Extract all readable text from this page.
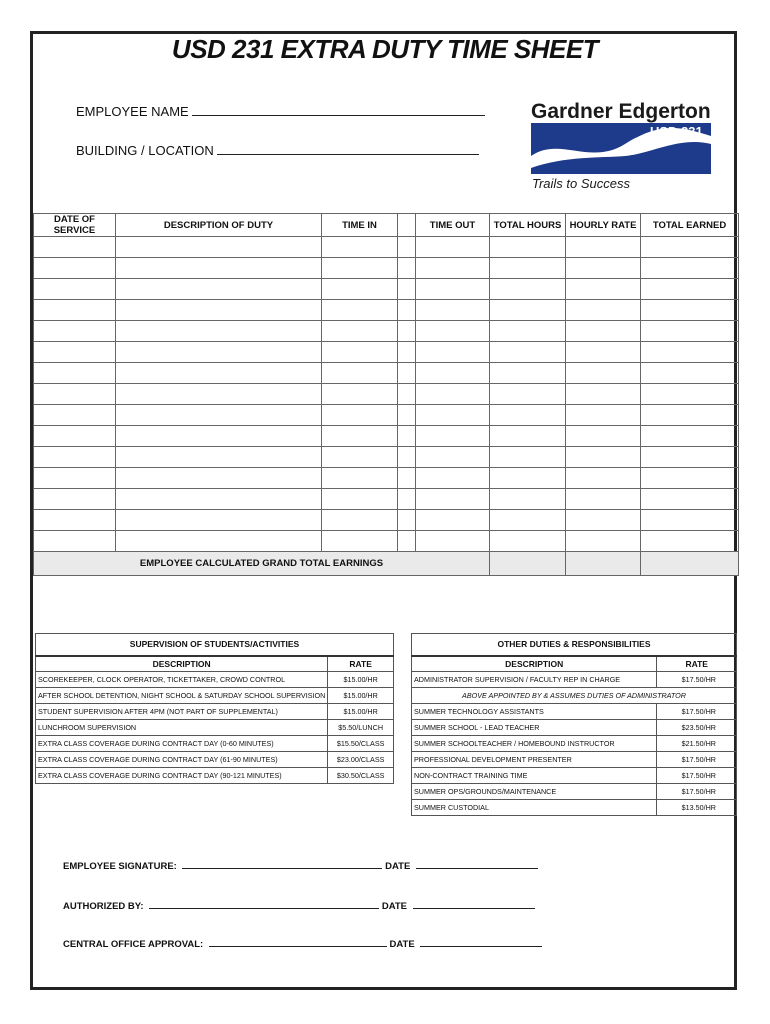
USD 231 EXTRA DUTY TIME SHEET
EMPLOYEE NAME
BUILDING / LOCATION
Gardner Edgerton
USD 231
Trails to Success
DATE OF SERVICE	DESCRIPTION OF DUTY	TIME IN		TIME OUT	TOTAL HOURS	HOURLY RATE	TOTAL EARNED

EMPLOYEE CALCULATED GRAND TOTAL EARNINGS							
SUPERVISION OF STUDENTS/ACTIVITIES	
DESCRIPTION	RATE
SCOREKEEPER, CLOCK OPERATOR, TICKETTAKER, CROWD CONTROL	$15.00/HR
AFTER SCHOOL DETENTION, NIGHT SCHOOL & SATURDAY SCHOOL SUPERVISION	$15.00/HR
STUDENT SUPERVISION AFTER 4PM (NOT PART OF SUPPLEMENTAL)	$15.00/HR
LUNCHROOM SUPERVISION	$5.50/LUNCH
EXTRA CLASS COVERAGE DURING CONTRACT DAY (0-60 MINUTES)	$15.50/CLASS
EXTRA CLASS COVERAGE DURING CONTRACT DAY (61-90 MINUTES)	$23.00/CLASS
EXTRA CLASS COVERAGE DURING CONTRACT DAY (90-121 MINUTES)	$30.50/CLASS
OTHER DUTIES & RESPONSIBILITIES	
DESCRIPTION	RATE
ADMINISTRATOR SUPERVISION / FACULTY REP IN CHARGE	$17.50/HR
ABOVE APPOINTED BY & ASSUMES DUTIES OF ADMINISTRATOR	
SUMMER TECHNOLOGY ASSISTANTS	$17.50/HR
SUMMER SCHOOL - LEAD TEACHER	$23.50/HR
SUMMER SCHOOLTEACHER / HOMEBOUND INSTRUCTOR	$21.50/HR
PROFESSIONAL DEVELOPMENT PRESENTER	$17.50/HR
NON-CONTRACT TRAINING TIME	$17.50/HR
SUMMER OPS/GROUNDS/MAINTENANCE	$17.50/HR
SUMMER CUSTODIAL	$13.50/HR
EMPLOYEE SIGNATURE:	DATE
AUTHORIZED BY:	DATE
CENTRAL OFFICE APPROVAL:	DATE
